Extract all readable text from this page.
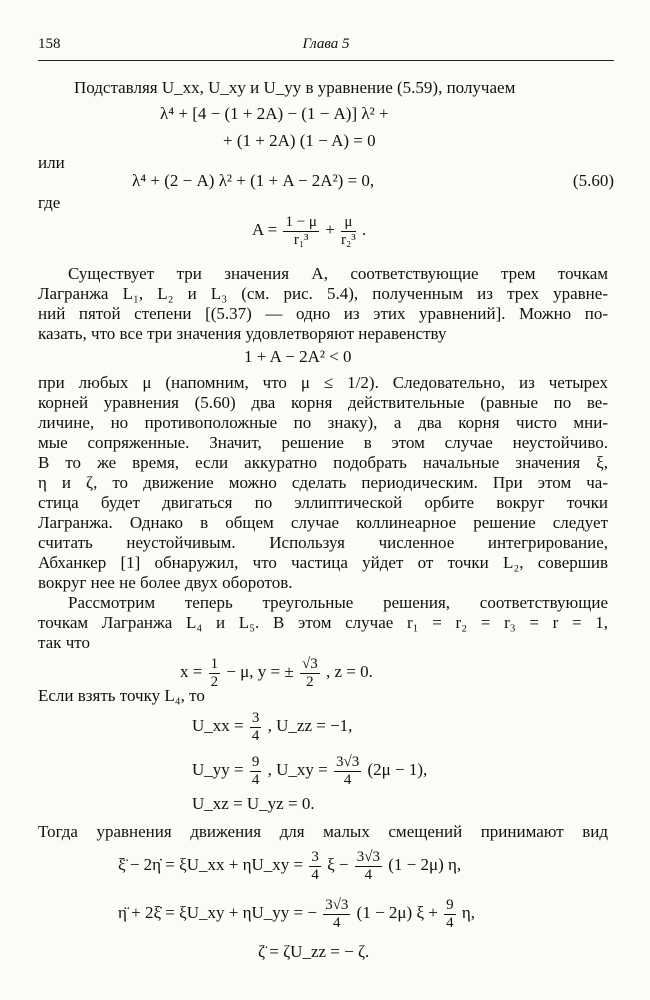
158	Глава 5
Подставляя U_xx, U_xy и U_yy в уравнение (5.59), получаем
λ⁴ + [4 − (1 + 2A) − (1 − A)] λ² +
+ (1 + 2A) (1 − A) = 0
или
λ⁴ + (2 − A) λ² + (1 + A − 2A²) = 0,	(5.60)
где
$A = \frac{1 - \mu}{\text{r₁³}} + \frac{\mu}{\text{r₂³}}$ .
Существует три значения A, соответствующие трем точкам
Лагранжа L₁, L₂ и L₃ (см. рис. 5.4), полученным из трех уравне-
ний пятой степени [(5.37) — одно из этих уравнений]. Можно по-
казать, что все три значения удовлетворяют неравенству
1 + A − 2A² < 0
при любых μ (напомним, что μ ≤ 1/2). Следовательно, из четырех
корней уравнения (5.60) два корня действительные (равные по ве-
личине, но противоположные по знаку), а два корня чисто мни-
мые сопряженные. Значит, решение в этом случае неустойчиво.
В то же время, если аккуратно подобрать начальные значения ξ,
η и ζ, то движение можно сделать периодическим. При этом ча-
стица будет двигаться по эллиптической орбите вокруг точки
Лагранжа. Однако в общем случае коллинеарное решение следует
считать неустойчивым. Используя численное интегрирование,
Абханкер [1] обнаружил, что частица уйдет от точки L₂, совершив
вокруг нее не более двух оборотов.
Рассмотрим теперь треугольные решения, соответствующие
точкам Лагранжа L₄ и L₅. В этом случае r₁ = r₂ = r₃ = r = 1,
так что
$x = \frac{1}{2} - \mu$, y = ± $\frac{√3}{2}$ , z = 0.
Если взять точку L₄, то
U_xx = $\frac{3}{4}$ , U_zz = −1,
U_yy = $\frac{9}{4}$ , U_xy = $\frac{3√3}{4} (2\mu - 1)$,
U_xz = U_yz = 0.
Тогда уравнения движения для малых смещений принимают вид
ξ̈ − 2η̇ = ξU_xx + ηU_xy = $\frac{3}{4}$ $\xi - \frac{3√3}{4} (1 - 2\mu)$ η,
η̈ + 2ξ̇ = ξU_xy + ηU_yy = − $\frac{3√3}{4} (1 - 2\mu) \xi + \frac{9}{4} \eta$,
ζ̈ = ζU_zz = − ζ.
